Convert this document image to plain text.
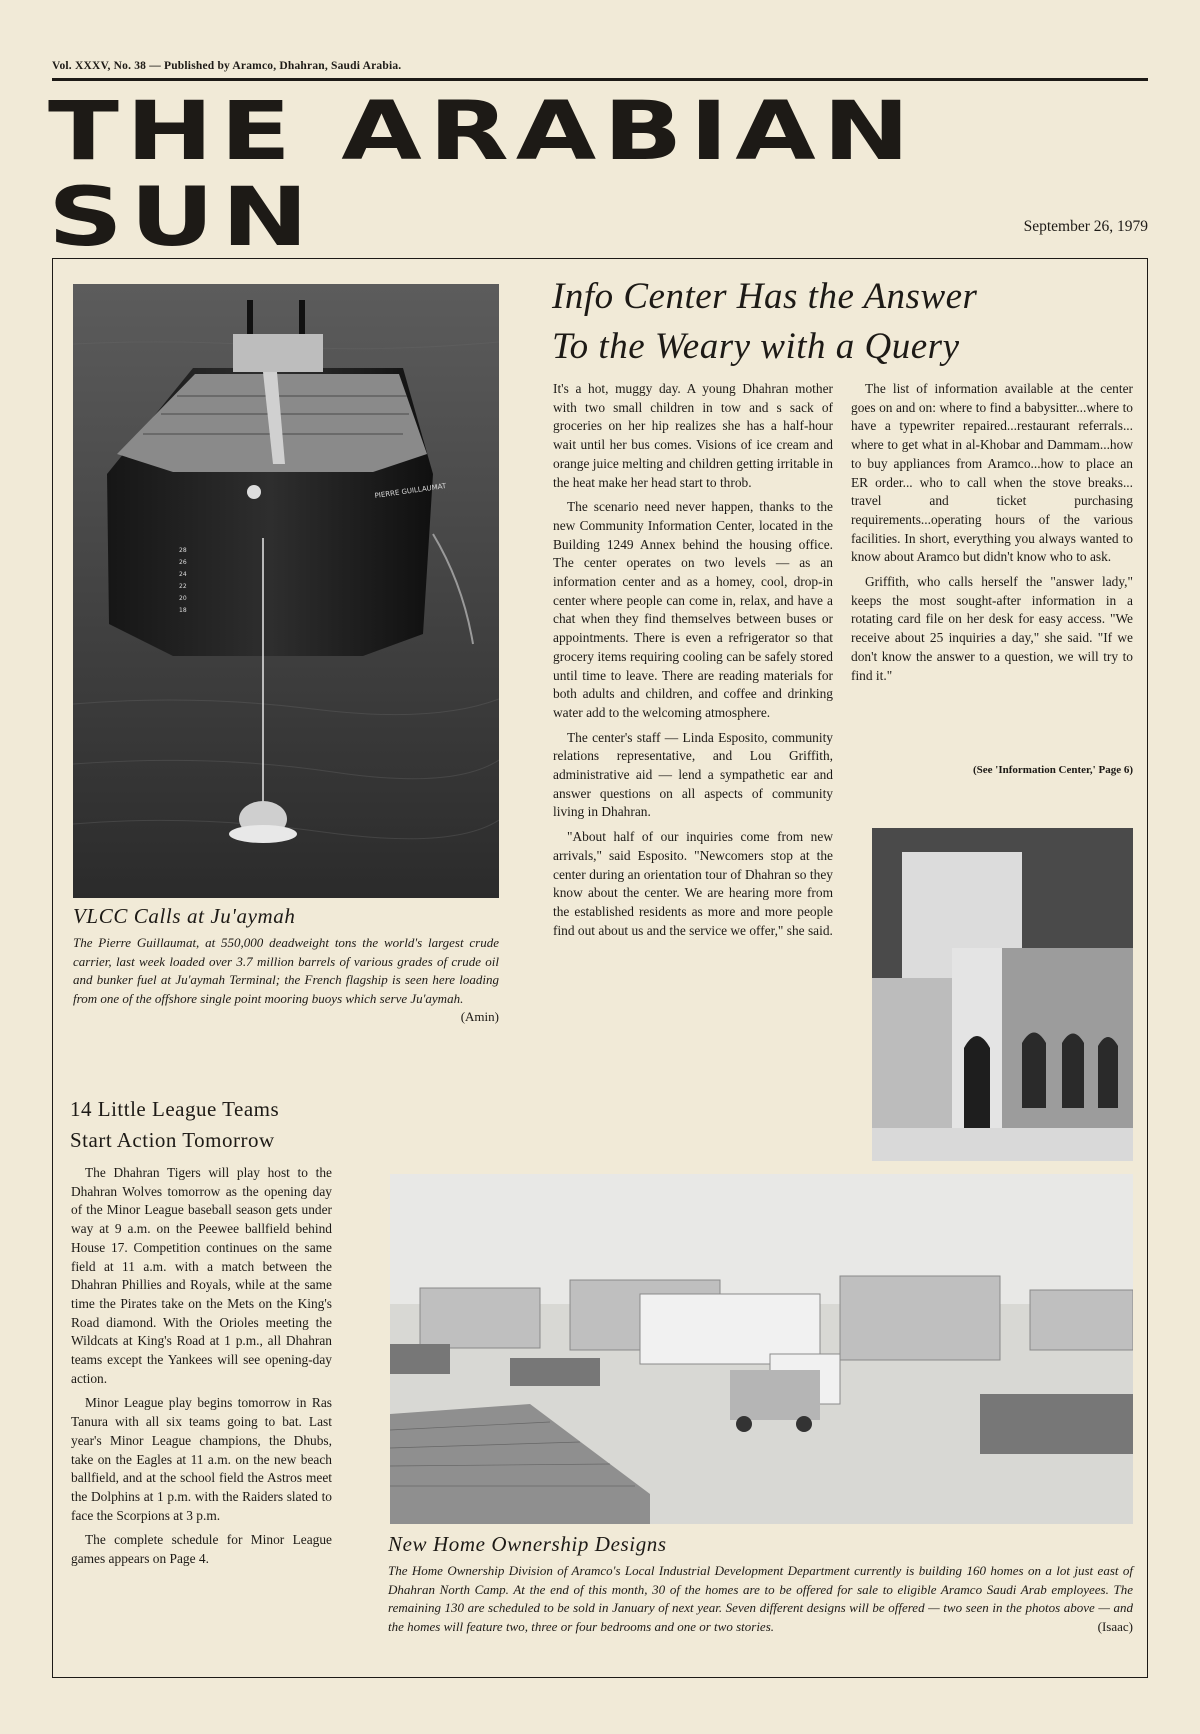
Vol. XXXV, No. 38 — Published by Aramco, Dhahran, Saudi Arabia.
THE ARABIAN SUN	September 26, 1979
PIERRE GUILLAUMAT
28
26
24
22
20
18
VLCC Calls at Ju'aymah
The Pierre Guillaumat, at 550,000 deadweight tons the world's largest crude carrier, last week loaded over 3.7 million barrels of various grades of crude oil and bunker fuel at Ju'aymah Terminal; the French flagship is seen here loading from one of the offshore single point mooring buoys which serve Ju'aymah.
(Amin)
14 Little League Teams
Start Action Tomorrow

The Dhahran Tigers will play host to the Dhahran Wolves tomorrow as the opening day of the Minor League baseball season gets under way at 9 a.m. on the Peewee ballfield behind House 17. Competition continues on the same field at 11 a.m. with a match between the Dhahran Phillies and Royals, while at the same time the Pirates take on the Mets on the King's Road diamond. With the Orioles meeting the Wildcats at King's Road at 1 p.m., all Dhahran teams except the Yankees will see opening-day action.

Minor League play begins tomorrow in Ras Tanura with all six teams going to bat. Last year's Minor League champions, the Dhubs, take on the Eagles at 11 a.m. on the new beach ballfield, and at the school field the Astros meet the Dolphins at 1 p.m. with the Raiders slated to face the Scorpions at 3 p.m.

The complete schedule for Minor League games appears on Page 4.

Info Center Has the Answer
To the Weary with a Query

It's a hot, muggy day. A young Dhahran mother with two small children in tow and s sack of groceries on her hip realizes she has a half-hour wait until her bus comes. Visions of ice cream and orange juice melting and children getting irritable in the heat make her head start to throb.

The scenario need never happen, thanks to the new Community Information Center, located in the Building 1249 Annex behind the housing office. The center operates on two levels — as an information center and as a homey, cool, drop-in center where people can come in, relax, and have a chat when they find themselves between buses or appointments. There is even a refrigerator so that grocery items requiring cooling can be safely stored until time to leave. There are reading materials for both adults and children, and coffee and drinking water add to the welcoming atmosphere.

The center's staff — Linda Esposito, community relations representative, and Lou Griffith, administrative aid — lend a sympathetic ear and answer questions on all aspects of community living in Dhahran.

"About half of our inquiries come from new arrivals," said Esposito. "Newcomers stop at the center during an orientation tour of Dhahran so they know about the center. We are hearing more from the established residents as more and more people find out about us and the service we offer," she said.

The list of information available at the center goes on and on: where to find a babysitter...where to have a typewriter repaired...restaurant referrals... where to get what in al-Khobar and Dammam...how to buy appliances from Aramco...how to place an ER order... who to call when the stove breaks... travel and ticket purchasing requirements...operating hours of the various facilities. In short, everything you always wanted to know about Aramco but didn't know who to ask.

Griffith, who calls herself the "answer lady," keeps the most sought-after information in a rotating card file on her desk for easy access. "We receive about 25 inquiries a day," she said. "If we don't know the answer to a question, we will try to find it."

(See 'Information Center,' Page 6)
New Home Ownership Designs
The Home Ownership Division of Aramco's Local Industrial Development Department currently is building 160 homes on a lot just east of Dhahran North Camp. At the end of this month, 30 of the homes are to be offered for sale to eligible Aramco Saudi Arab employees. The remaining 130 are scheduled to be sold in January of next year. Seven different designs will be offered — two seen in the photos above — and the homes will feature two, three or four bedrooms and one or two stories.	(Isaac)
